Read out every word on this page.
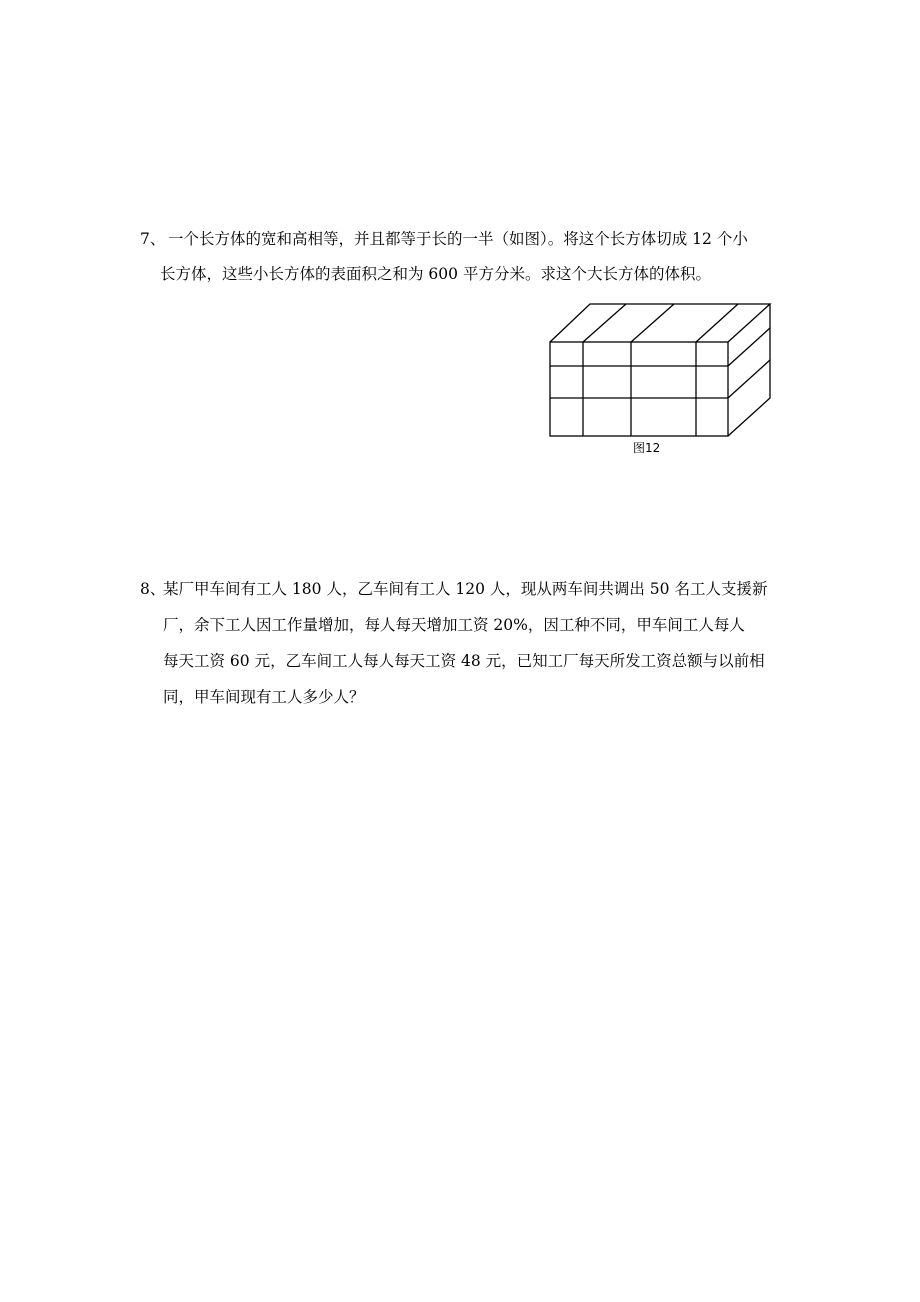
7、 一个长方体的宽和高相等，并且都等于长的一半（如图）。将这个长方体切成 12 个小
长方体，这些小长方体的表面积之和为 600 平方分米。求这个大长方体的体积。
图12
8、
某厂甲车间有工人 180 人，乙车间有工人 120 人，现从两车间共调出 50 名工人支援新
厂，余下工人因工作量增加，每人每天增加工资 20%，因工种不同，甲车间工人每人
每天工资 60 元，乙车间工人每人每天工资 48 元，已知工厂每天所发工资总额与以前相
同，甲车间现有工人多少人？
